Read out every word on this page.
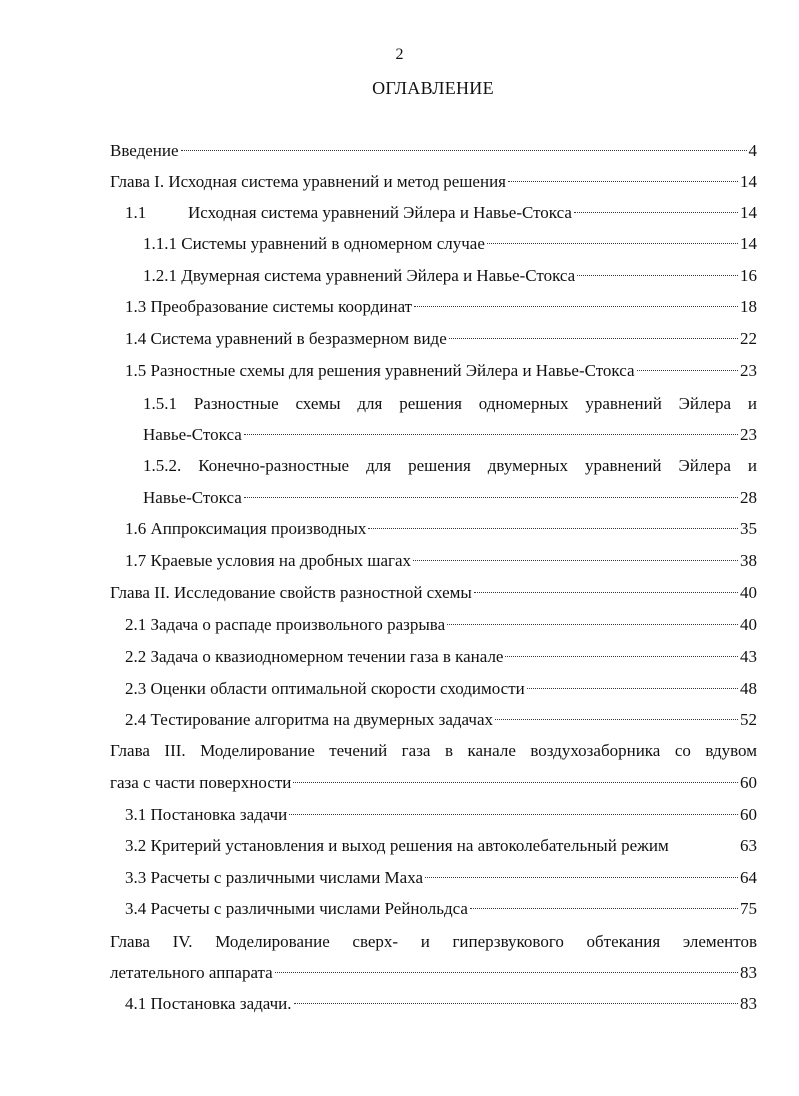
2
ОГЛАВЛЕНИЕ
Введение	4
Глава I. Исходная система уравнений и метод решения	14
1.1 Исходная система уравнений Эйлера и Навье-Стокса	14
1.1.1 Системы уравнений в одномерном случае	14
1.2.1 Двумерная система уравнений Эйлера и Навье-Стокса	16
1.3 Преобразование системы координат	18
1.4 Система уравнений в безразмерном виде	22
1.5 Разностные схемы для решения уравнений Эйлера и Навье-Стокса	23
1.5.1 Разностные схемы для решения одномерных уравнений Эйлера и
Навье-Стокса	23
1.5.2. Конечно-разностные для решения двумерных уравнений Эйлера и
Навье-Стокса	28
1.6 Аппроксимация производных	35
1.7 Краевые условия на дробных шагах	38
Глава II. Исследование свойств разностной схемы	40
2.1 Задача о распаде произвольного разрыва	40
2.2 Задача о квазиодномерном течении газа в канале	43
2.3 Оценки области оптимальной скорости сходимости	48
2.4 Тестирование алгоритма на двумерных задачах	52
Глава III. Моделирование течений газа в канале воздухозаборника со вдувом
газа с части поверхности	60
3.1 Постановка задачи	60
3.2 Критерий установления и выход решения на автоколебательный режим	63
3.3 Расчеты с различными числами Маха	64
3.4 Расчеты с различными числами Рейнольдса	75
Глава IV. Моделирование сверх- и гиперзвукового обтекания элементов
летательного аппарата	83
4.1 Постановка задачи.	83
